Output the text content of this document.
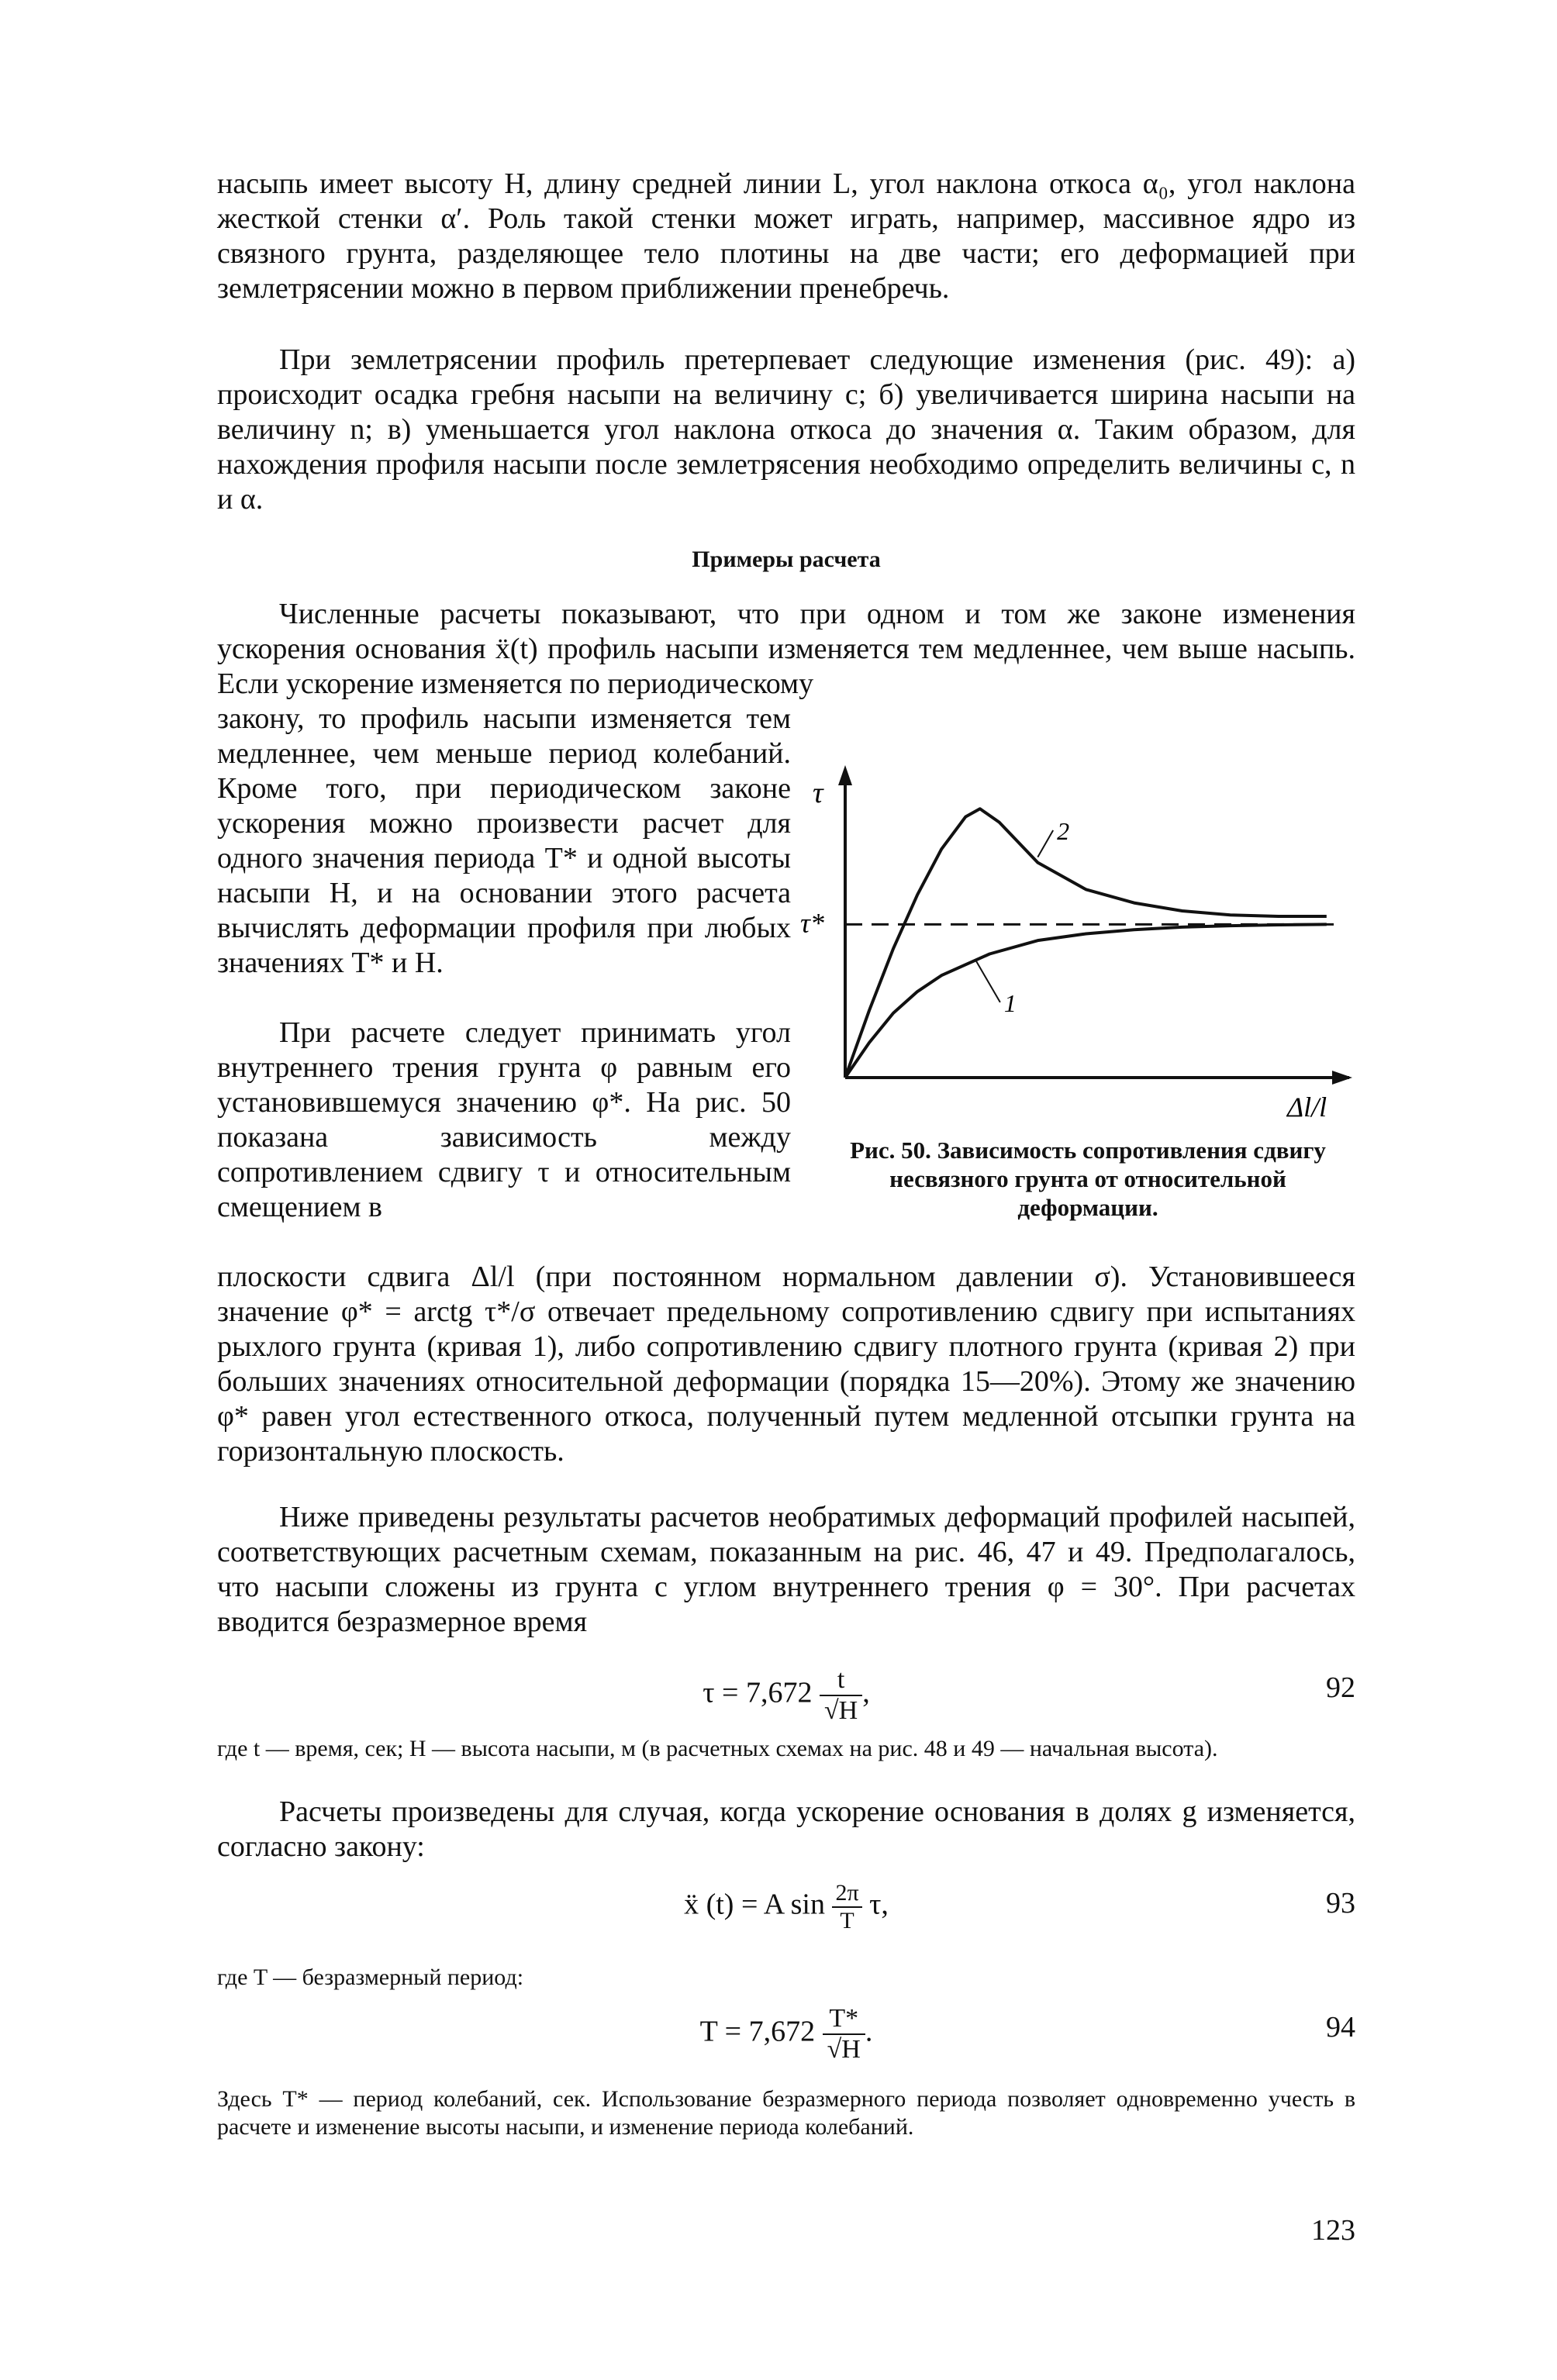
насыпь имеет высоту H, длину средней линии L, угол наклона откоса α₀, угол наклона жесткой стенки α′. Роль такой стенки может играть, например, массивное ядро из связного грунта, разделяющее тело плотины на две части; его деформацией при землетрясении можно в первом приближении пренебречь.

При землетрясении профиль претерпевает следующие изменения (рис. 49): а) происходит осадка гребня насыпи на величину c; б) увеличивается ширина насыпи на величину n; в) уменьшается угол наклона откоса до значения α. Таким образом, для нахождения профиля насыпи после землетрясения необходимо определить величины c, n и α.

Примеры расчета

Численные расчеты показывают, что при одном и том же законе изменения ускорения основания ẍ(t) профиль насыпи изменяется тем медленнее, чем выше насыпь. Если ускорение изменяется по периодическому

закону, то профиль насыпи изменяется тем медленнее, чем меньше период колебаний. Кроме того, при периодическом законе ускорения можно произвести расчет для одного значения периода T* и одной высоты насыпи H, и на основании этого расчета вычислять деформации профиля при любых значениях T* и H.

При расчете следует принимать угол внутреннего трения грунта φ равным его установившемуся значению φ*. На рис. 50 показана зависимость между сопротивлением сдвигу τ и относительным смещением в

плоскости сдвига Δl/l (при постоянном нормальном давлении σ). Установившееся значение φ* = arctg τ*/σ отвечает предельному сопротивлению сдвигу при испытаниях рыхлого грунта (кривая 1), либо сопротивлению сдвигу плотного грунта (кривая 2) при больших значениях относительной деформации (порядка 15—20%). Этому же значению φ* равен угол естественного откоса, полученный путем медленной отсыпки грунта на горизонтальную плоскость.

τ
Δl/l
τ*
1
2

Рис. 50. Зависимость сопротивления сдвигу несвязного грунта от относительной деформации.

Ниже приведены результаты расчетов необратимых деформаций профилей насыпей, соответствующих расчетным схемам, показанным на рис. 46, 47 и 49. Предполагалось, что насыпи сложены из грунта с углом внутреннего трения φ = 30°. При расчетах вводится безразмерное время

$\tau = 7,672 \frac{t}{√H}$ ,	92

где t — время, сек; H — высота насыпи, м (в расчетных схемах на рис. 48 и 49 — начальная высота).

Расчеты произведены для случая, когда ускорение основания в долях g изменяется, согласно закону:

ẍ (t) = A $\sin \frac{2\pi}{T} \tau$,	93

где T — безразмерный период:

$T = 7,672 \frac{T*}{√H}$ .	94

Здесь T* — период колебаний, сек. Использование безразмерного периода позволяет одновременно учесть в расчете и изменение высоты насыпи, и изменение периода колебаний.

123
